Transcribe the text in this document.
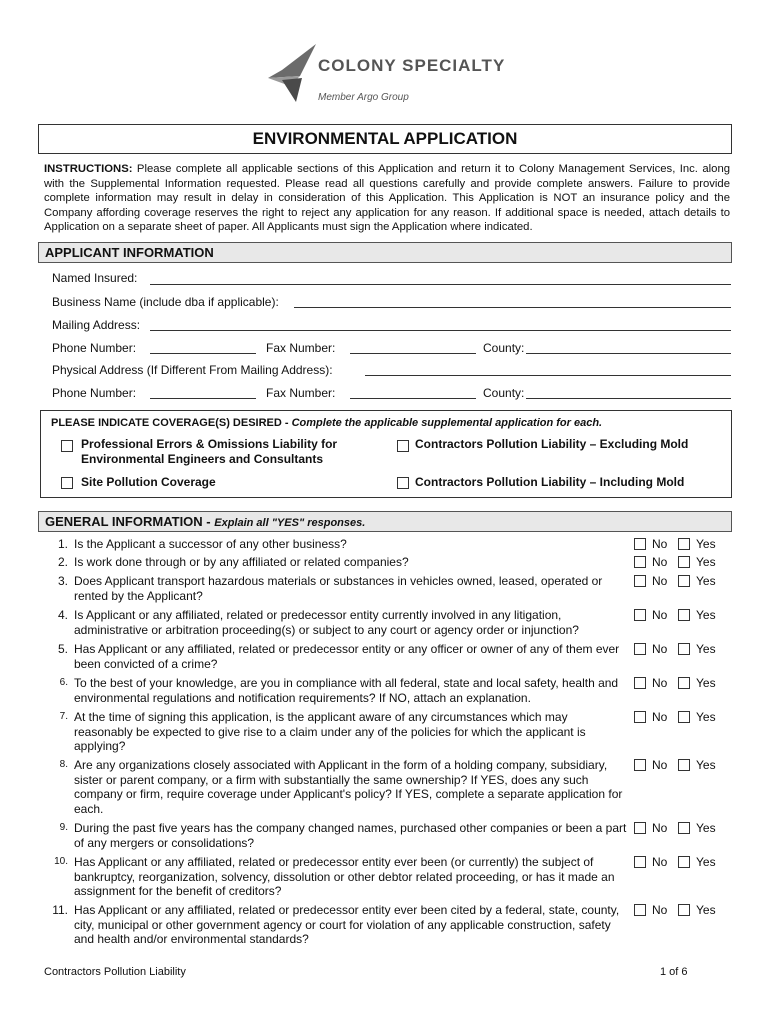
COLONY SPECIALTY
Member Argo Group
ENVIRONMENTAL APPLICATION
INSTRUCTIONS: Please complete all applicable sections of this Application and return it to Colony Management Services, Inc. along with the Supplemental Information requested. Please read all questions carefully and provide complete answers. Failure to provide complete information may result in delay in consideration of this Application. This Application is NOT an insurance policy and the Company affording coverage reserves the right to reject any application for any reason. If additional space is needed, attach details to Application on a separate sheet of paper. All Applicants must sign the Application where indicated.
APPLICANT INFORMATION
Named Insured:
Business Name (include dba if applicable):
Mailing Address:
Phone Number:	Fax Number:	County:
Physical Address (If Different From Mailing Address):
Phone Number:	Fax Number:	County:
PLEASE INDICATE COVERAGE(S) DESIRED - Complete the applicable supplemental application for each.
Professional Errors & Omissions Liability for
Environmental Engineers and Consultants
Contractors Pollution Liability – Excluding Mold
Site Pollution Coverage	Contractors Pollution Liability – Including Mold
GENERAL INFORMATION - Explain all "YES" responses.
1. Is the Applicant a successor of any other business?	No Yes
2. Is work done through or by any affiliated or related companies?	No Yes
3. Does Applicant transport hazardous materials or substances in vehicles owned, leased, operated or rented by the Applicant?
No Yes
4. Is Applicant or any affiliated, related or predecessor entity currently involved in any litigation, administrative or arbitration proceeding(s) or subject to any court or agency order or injunction?
No Yes
5. Has Applicant or any affiliated, related or predecessor entity or any officer or owner of any of them ever been convicted of a crime?
No Yes
6. To the best of your knowledge, are you in compliance with all federal, state and local safety, health and environmental regulations and notification requirements? If NO, attach an explanation.
No Yes
7. At the time of signing this application, is the applicant aware of any circumstances which may reasonably be expected to give rise to a claim under any of the policies for which the applicant is applying?
No Yes
8. Are any organizations closely associated with Applicant in the form of a holding company, subsidiary, sister or parent company, or a firm with substantially the same ownership? If YES, does any such company or firm, require coverage under Applicant's policy? If YES, complete a separate application for each.
No Yes
9. During the past five years has the company changed names, purchased other companies or been a part of any mergers or consolidations?
No Yes
10. Has Applicant or any affiliated, related or predecessor entity ever been (or currently) the subject of bankruptcy, reorganization, solvency, dissolution or other debtor related proceeding, or has it made an assignment for the benefit of creditors?
No Yes
11. Has Applicant or any affiliated, related or predecessor entity ever been cited by a federal, state, county, city, municipal or other government agency or court for violation of any applicable construction, safety and health and/or environmental standards?
No Yes
Contractors Pollution Liability	1 of 6
